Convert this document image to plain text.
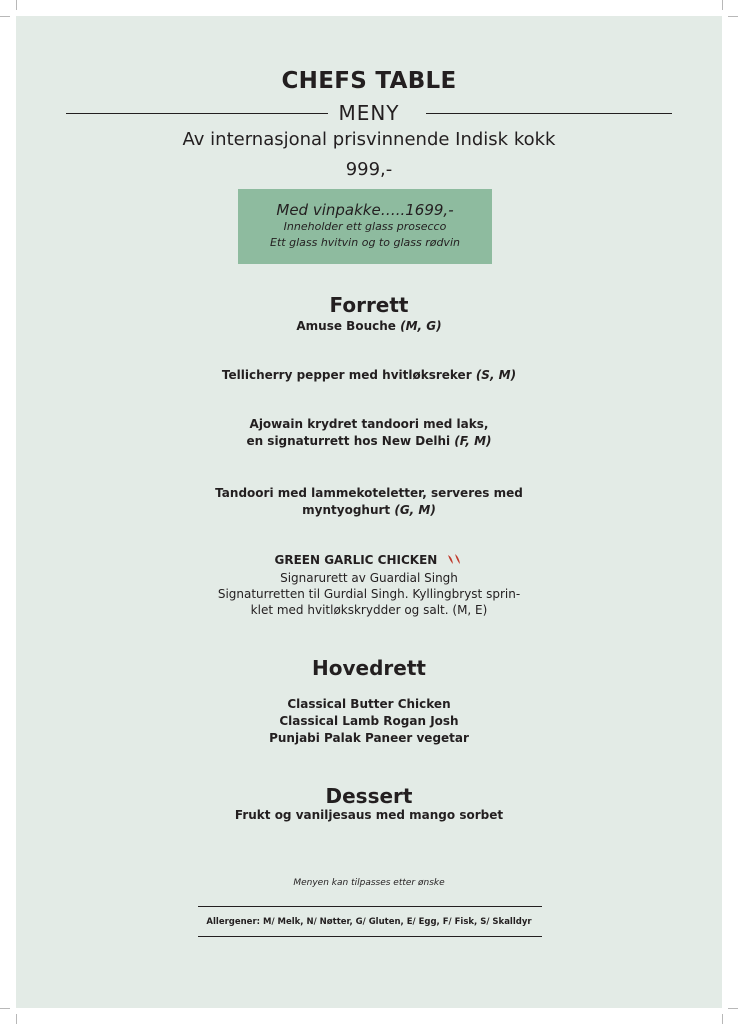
CHEFS TABLE
MENY
Av internasjonal prisvinnende Indisk kokk
999,-
Med vinpakke…..1699,-
Inneholder ett glass prosecco
Ett glass hvitvin og to glass rødvin
Forrett
Amuse Bouche (M, G)
Tellicherry pepper med hvitløksreker (S, M)
Ajowain krydret tandoori med laks,
en signaturrett hos New Delhi (F, M)
Tandoori med lammekoteletter, serveres med
myntyoghurt (G, M)
GREEN GARLIC CHICKEN
Signarurett av Guardial Singh
Signaturretten til Gurdial Singh. Kyllingbryst sprin-
klet med hvitløkskrydder og salt. (M, E)
Hovedrett
Classical Butter Chicken
Classical Lamb Rogan Josh
Punjabi Palak Paneer vegetar
Dessert
Frukt og vaniljesaus med mango sorbet
Menyen kan tilpasses etter ønske
Allergener: M/ Melk, N/ Nøtter, G/ Gluten, E/ Egg, F/ Fisk, S/ Skalldyr
